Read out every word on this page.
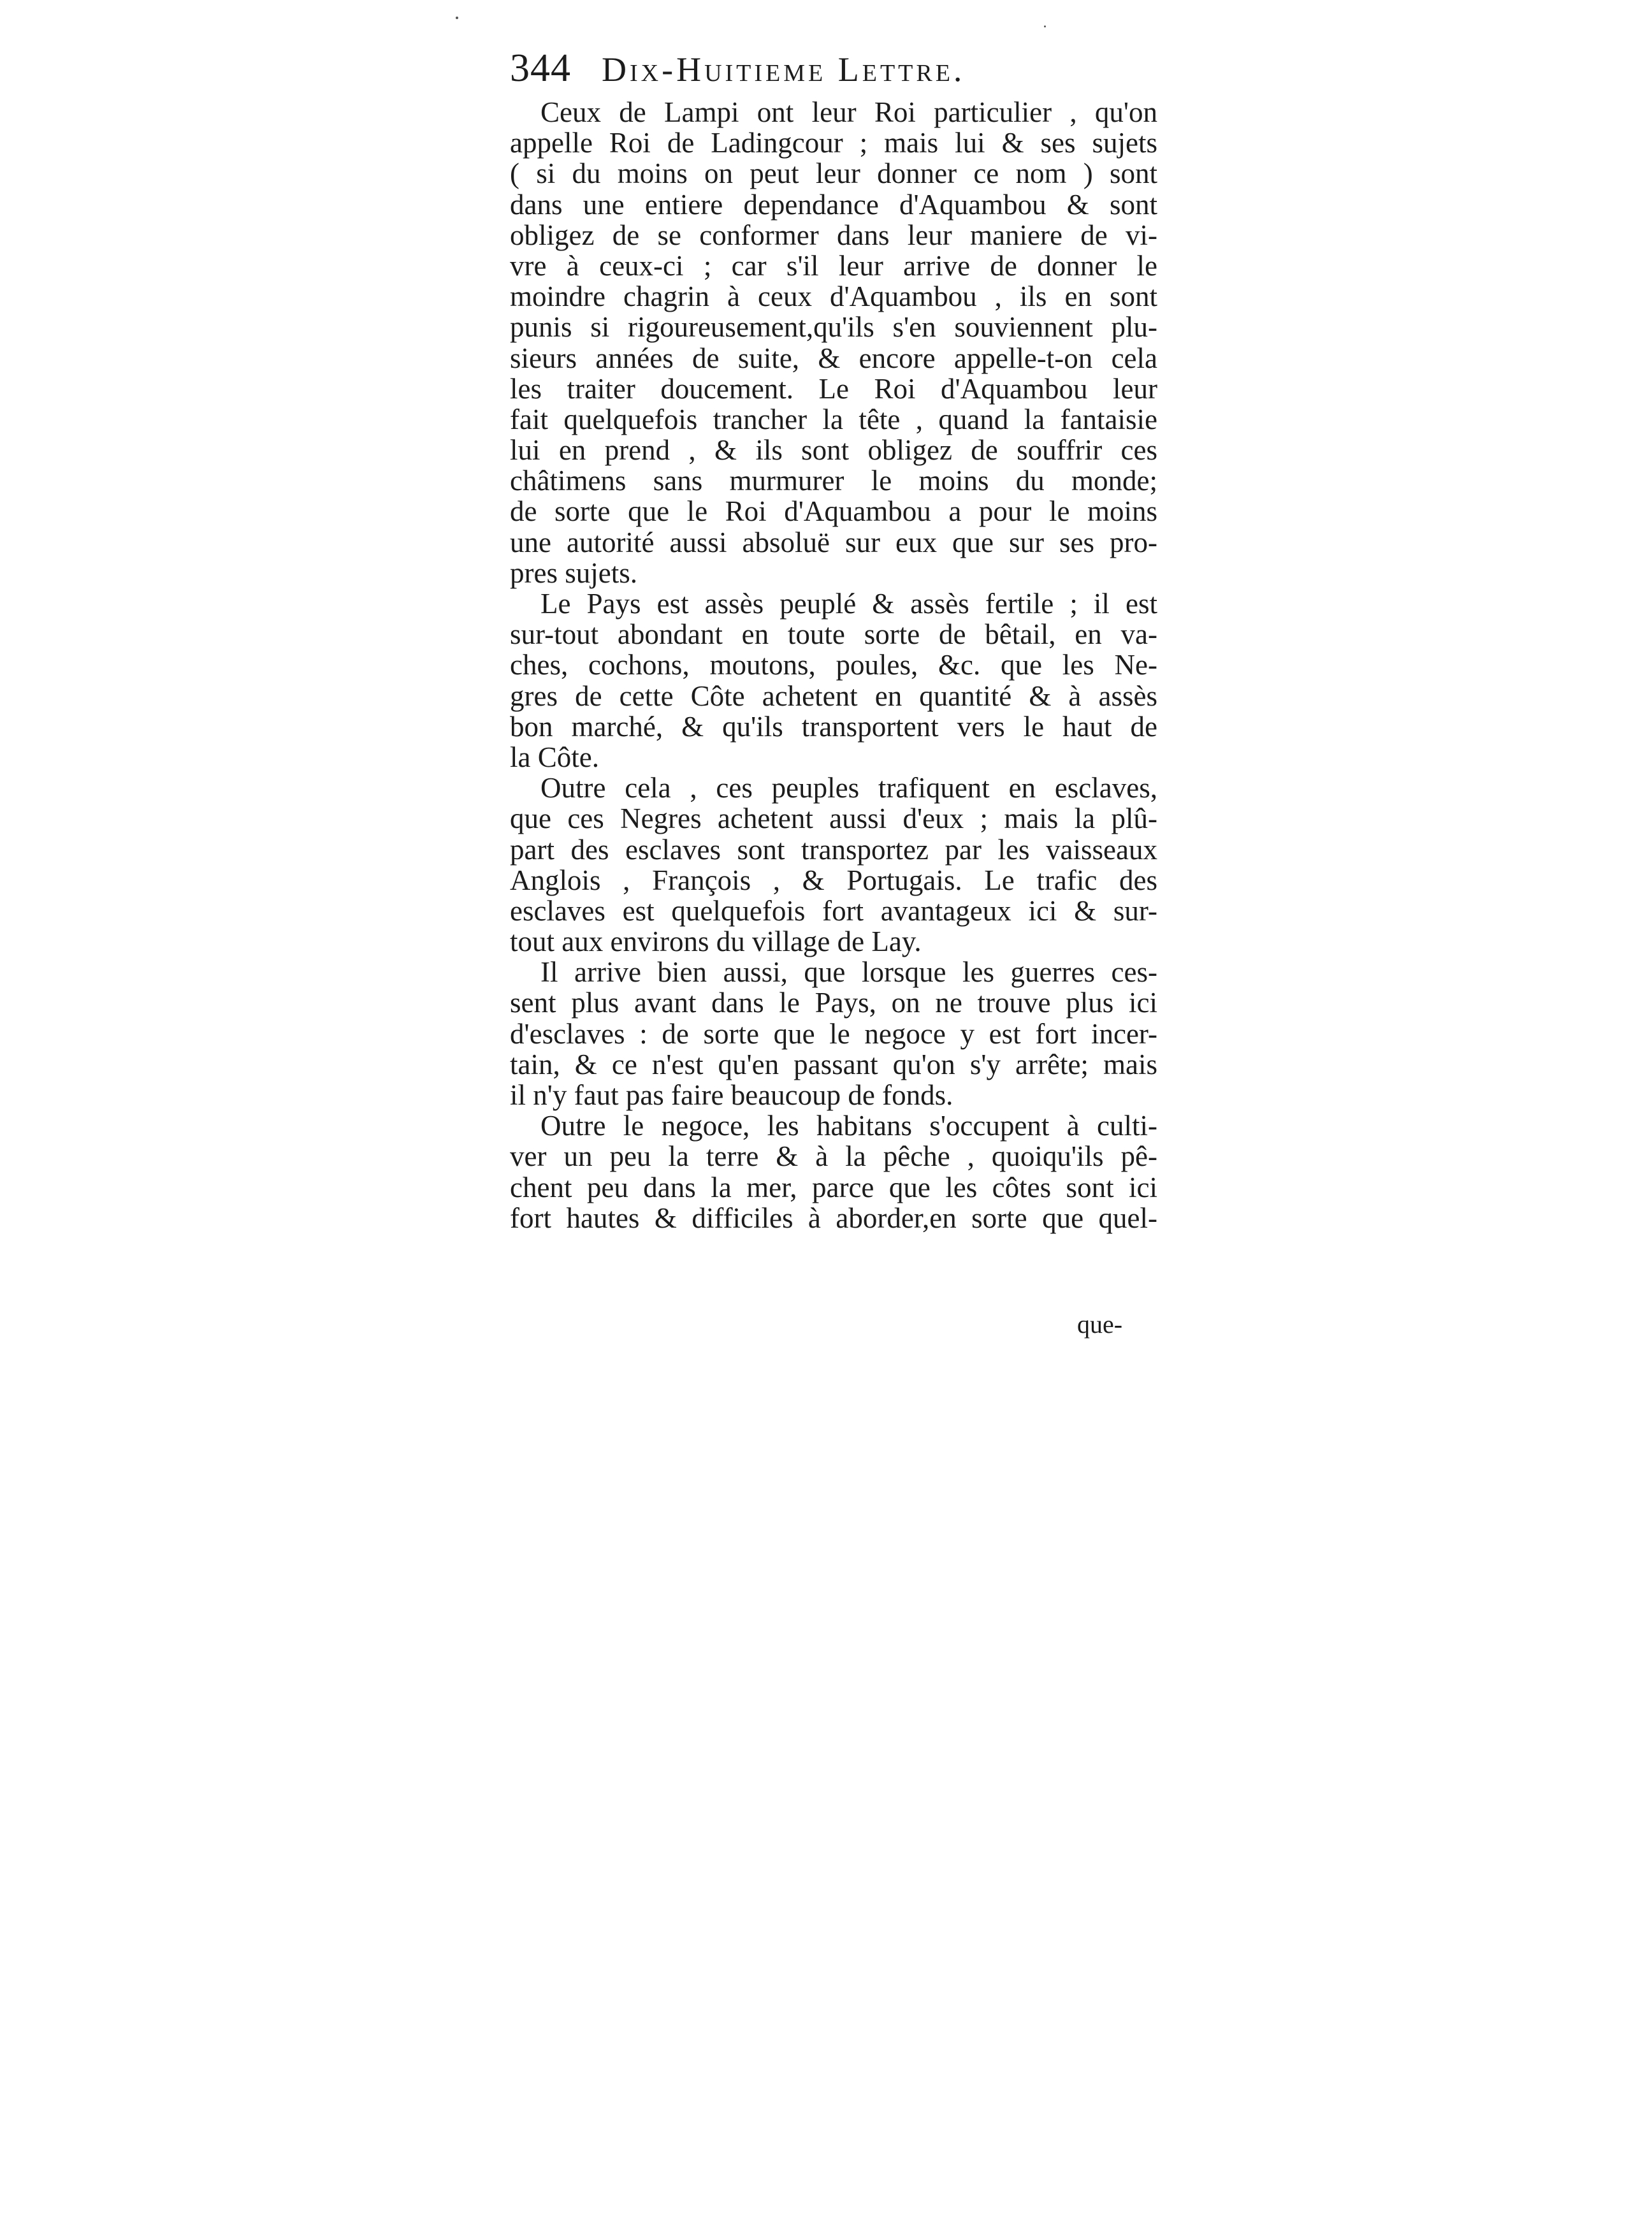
344 Dix-Huitieme Lettre.
Ceux de Lampi ont leur Roi particulier , qu'on
appelle Roi de Ladingcour ; mais lui & ses sujets
( si du moins on peut leur donner ce nom ) sont
dans une entiere dependance d'Aquambou & sont
obligez de se conformer dans leur maniere de vi-
vre à ceux-ci ; car s'il leur arrive de donner le
moindre chagrin à ceux d'Aquambou , ils en sont
punis si rigoureusement,qu'ils s'en souviennent plu-
sieurs années de suite, & encore appelle-t-on cela
les traiter doucement. Le Roi d'Aquambou leur
fait quelquefois trancher la tête , quand la fantaisie
lui en prend , & ils sont obligez de souffrir ces
châtimens sans murmurer le moins du monde;
de sorte que le Roi d'Aquambou a pour le moins
une autorité aussi absoluë sur eux que sur ses pro-
pres sujets.
Le Pays est assès peuplé & assès fertile ; il est
sur-tout abondant en toute sorte de bêtail, en va-
ches, cochons, moutons, poules, &c. que les Ne-
gres de cette Côte achetent en quantité & à assès
bon marché, & qu'ils transportent vers le haut de
la Côte.
Outre cela , ces peuples trafiquent en esclaves,
que ces Negres achetent aussi d'eux ; mais la plû-
part des esclaves sont transportez par les vaisseaux
Anglois , François , & Portugais. Le trafic des
esclaves est quelquefois fort avantageux ici & sur-
tout aux environs du village de Lay.
Il arrive bien aussi, que lorsque les guerres ces-
sent plus avant dans le Pays, on ne trouve plus ici
d'esclaves : de sorte que le negoce y est fort incer-
tain, & ce n'est qu'en passant qu'on s'y arrête; mais
il n'y faut pas faire beaucoup de fonds.
Outre le negoce, les habitans s'occupent à culti-
ver un peu la terre & à la pêche , quoiqu'ils pê-
chent peu dans la mer, parce que les côtes sont ici
fort hautes & difficiles à aborder,en sorte que quel-
que-
